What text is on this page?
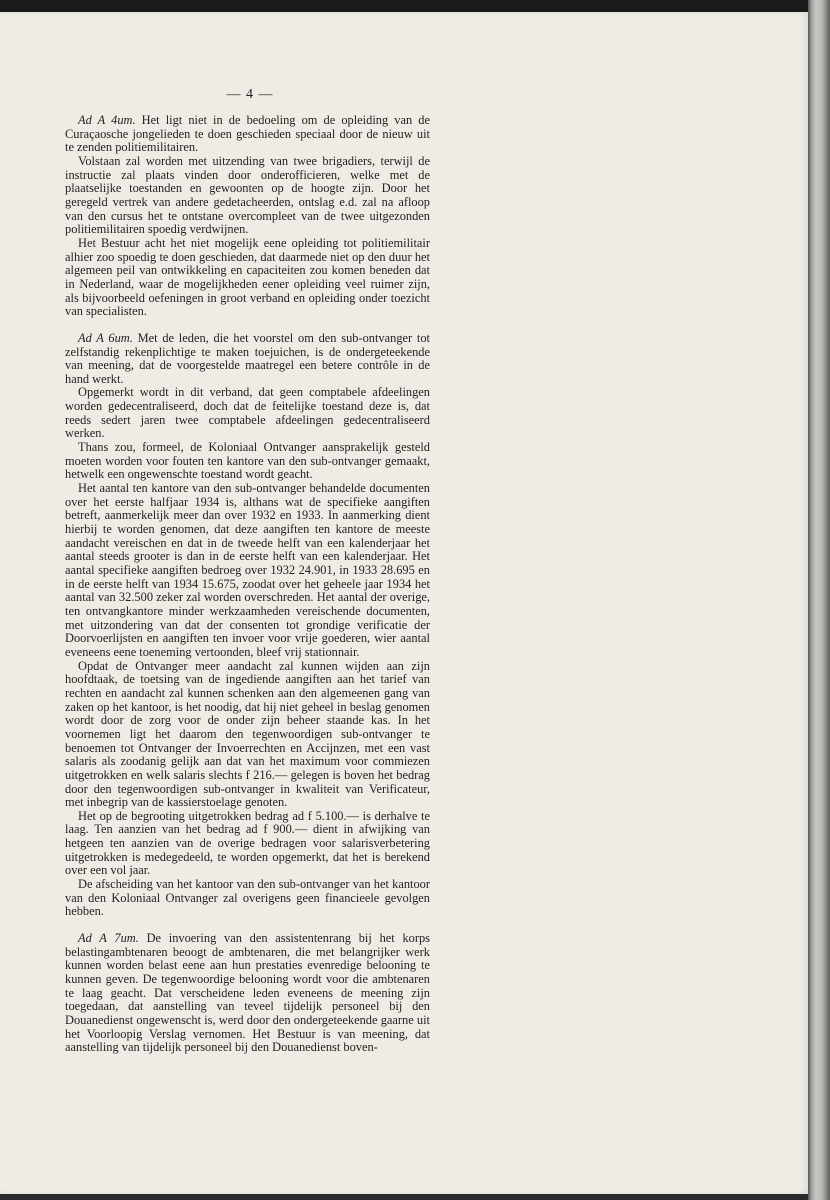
— 4 —

Ad A 4um. Het ligt niet in de bedoeling om de opleiding van de Curaçaosche jongelieden te doen geschieden speciaal door de nieuw uit te zenden politiemilitairen.

Volstaan zal worden met uitzending van twee brigadiers, terwijl de instructie zal plaats vinden door onderofficieren, welke met de plaatselijke toestanden en gewoonten op de hoogte zijn. Door het geregeld vertrek van andere gedetacheerden, ontslag e.d. zal na afloop van den cursus het te ontstane overcompleet van de twee uitgezonden politiemilitairen spoedig verdwijnen.

Het Bestuur acht het niet mogelijk eene opleiding tot politiemilitair alhier zoo spoedig te doen geschieden, dat daarmede niet op den duur het algemeen peil van ontwikkeling en capaciteiten zou komen beneden dat in Nederland, waar de mogelijkheden eener opleiding veel ruimer zijn, als bijvoorbeeld oefeningen in groot verband en opleiding onder toezicht van specialisten.

Ad A 6um. Met de leden, die het voorstel om den sub-ontvanger tot zelfstandig rekenplichtige te maken toejuichen, is de ondergeteekende van meening, dat de voorgestelde maatregel een betere contrôle in de hand werkt.

Opgemerkt wordt in dit verband, dat geen comptabele afdeelingen worden gedecentraliseerd, doch dat de feitelijke toestand deze is, dat reeds sedert jaren twee comptabele afdeelingen gedecentraliseerd werken.

Thans zou, formeel, de Koloniaal Ontvanger aansprakelijk gesteld moeten worden voor fouten ten kantore van den sub-ontvanger gemaakt, hetwelk een ongewenschte toestand wordt geacht.

Het aantal ten kantore van den sub-ontvanger behandelde documenten over het eerste halfjaar 1934 is, althans wat de specifieke aangiften betreft, aanmerkelijk meer dan over 1932 en 1933. In aanmerking dient hierbij te worden genomen, dat deze aangiften ten kantore de meeste aandacht vereischen en dat in de tweede helft van een kalenderjaar het aantal steeds grooter is dan in de eerste helft van een kalenderjaar. Het aantal specifieke aangiften bedroeg over 1932 24.901, in 1933 28.695 en in de eerste helft van 1934 15.675, zoodat over het geheele jaar 1934 het aantal van 32.500 zeker zal worden overschreden. Het aantal der overige, ten ontvangkantore minder werkzaamheden vereischende documenten, met uitzondering van dat der consenten tot grondige verificatie der Doorvoerlijsten en aangiften ten invoer voor vrije goederen, wier aantal eveneens eene toeneming vertoonden, bleef vrij stationnair.

Opdat de Ontvanger meer aandacht zal kunnen wijden aan zijn hoofdtaak, de toetsing van de ingediende aangiften aan het tarief van rechten en aandacht zal kunnen schenken aan den algemeenen gang van zaken op het kantoor, is het noodig, dat hij niet geheel in beslag genomen wordt door de zorg voor de onder zijn beheer staande kas. In het voornemen ligt het daarom den tegenwoordigen sub-ontvanger te benoemen tot Ontvanger der Invoerrechten en Accijnzen, met een vast salaris als zoodanig gelijk aan dat van het maximum voor commiezen uitgetrokken en welk salaris slechts f 216.— gelegen is boven het bedrag door den tegenwoordigen sub-ontvanger in kwaliteit van Verificateur, met inbegrip van de kassierstoelage genoten.

Het op de begrooting uitgetrokken bedrag ad f 5.100.— is derhalve te laag. Ten aanzien van het bedrag ad f 900.— dient in afwijking van hetgeen ten aanzien van de overige bedragen voor salarisverbetering uitgetrokken is medegedeeld, te worden opgemerkt, dat het is berekend over een vol jaar.

De afscheiding van het kantoor van den sub-ontvanger van het kantoor van den Koloniaal Ontvanger zal overigens geen financieele gevolgen hebben.

Ad A 7um. De invoering van den assistentenrang bij het korps belastingambtenaren beoogt de ambtenaren, die met belangrijker werk kunnen worden belast eene aan hun prestaties evenredige belooning te kunnen geven. De tegenwoordige belooning wordt voor die ambtenaren te laag geacht. Dat verscheidene leden eveneens de meening zijn toegedaan, dat aanstelling van teveel tijdelijk personeel bij den Douanedienst ongewenscht is, werd door den ondergeteekende gaarne uit het Voorloopig Verslag vernomen. Het Bestuur is van meening, dat aanstelling van tijdelijk personeel bij den Douanedienst boven-
